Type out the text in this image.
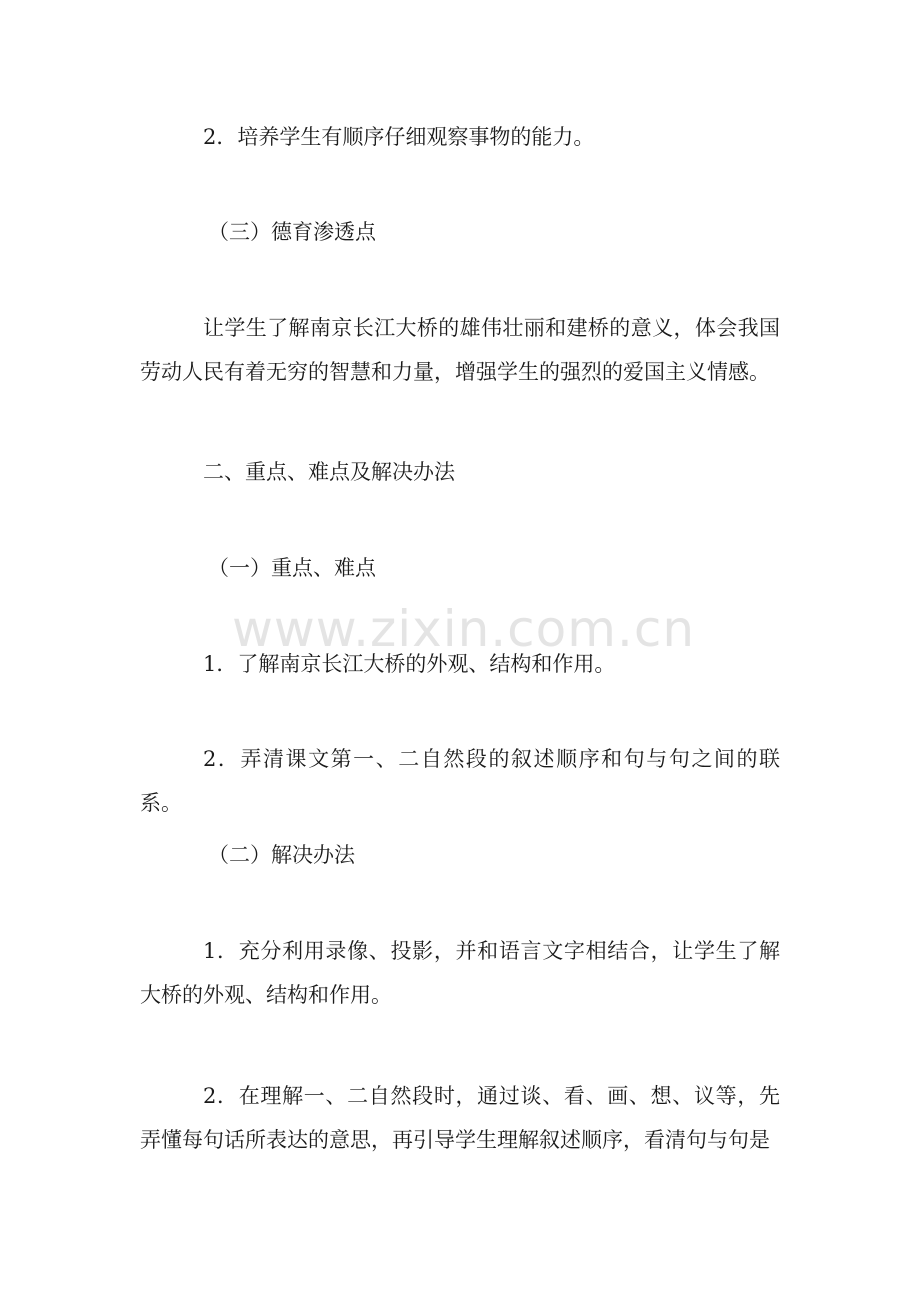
2．培养学生有顺序仔细观察事物的能力。

（三）德育渗透点

让学生了解南京长江大桥的雄伟壮丽和建桥的意义，体会我国劳动人民有着无穷的智慧和力量，增强学生的强烈的爱国主义情感。

二、重点、难点及解决办法

（一）重点、难点

1．了解南京长江大桥的外观、结构和作用。

2．弄清课文第一、二自然段的叙述顺序和句与句之间的联系。

（二）解决办法

1．充分利用录像、投影，并和语言文字相结合，让学生了解大桥的外观、结构和作用。

2．在理解一、二自然段时，通过谈、看、画、想、议等，先弄懂每句话所表达的意思，再引导学生理解叙述顺序，看清句与句是

www.zixin.com.cn
